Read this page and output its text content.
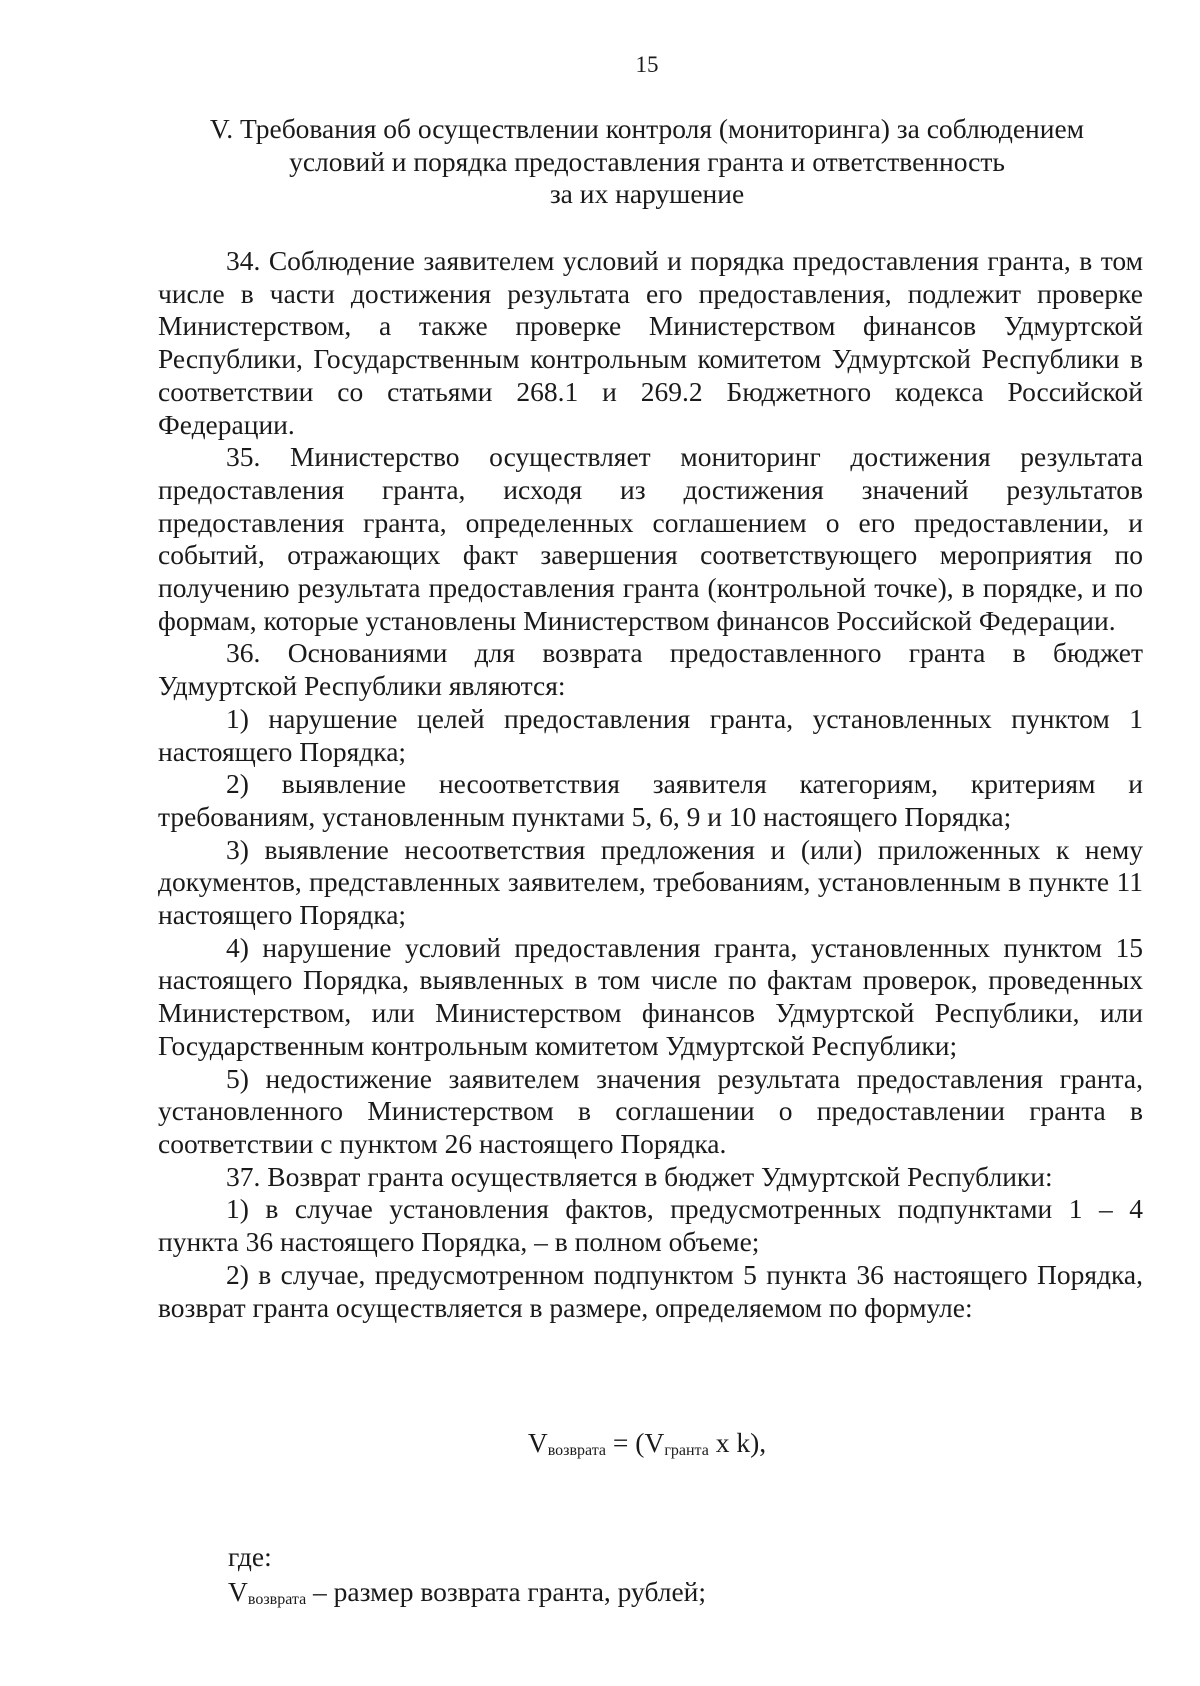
15
V. Требования об осуществлении контроля (мониторинга) за соблюдением
условий и порядка предоставления гранта и ответственность
за их нарушение

34. Соблюдение заявителем условий и порядка предоставления гранта, в том числе в части достижения результата его предоставления, подлежит проверке Министерством, а также проверке Министерством финансов Удмуртской Республики, Государственным контрольным комитетом Удмуртской Республики в соответствии со статьями 268.1 и 269.2 Бюджетного кодекса Российской Федерации.

35. Министерство осуществляет мониторинг достижения результата предоставления гранта, исходя из достижения значений результатов предоставления гранта, определенных соглашением о его предоставлении, и событий, отражающих факт завершения соответствующего мероприятия по получению результата предоставления гранта (контрольной точке), в порядке, и по формам, которые установлены Министерством финансов Российской Федерации.

36. Основаниями для возврата предоставленного гранта в бюджет Удмуртской Республики являются:

1) нарушение целей предоставления гранта, установленных пунктом 1 настоящего Порядка;

2) выявление несоответствия заявителя категориям, критериям и требованиям, установленным пунктами 5, 6, 9 и 10 настоящего Порядка;

3) выявление несоответствия предложения и (или) приложенных к нему документов, представленных заявителем, требованиям, установленным в пункте 11 настоящего Порядка;

4) нарушение условий предоставления гранта, установленных пунктом 15 настоящего Порядка, выявленных в том числе по фактам проверок, проведенных Министерством, или Министерством финансов Удмуртской Республики, или Государственным контрольным комитетом Удмуртской Республики;

5) недостижение заявителем значения результата предоставления гранта, установленного Министерством в соглашении о предоставлении гранта в соответствии с пунктом 26 настоящего Порядка.

37. Возврат гранта осуществляется в бюджет Удмуртской Республики:

1) в случае установления фактов, предусмотренных подпунктами 1 – 4 пункта 36 настоящего Порядка, – в полном объеме;

2) в случае, предусмотренном подпунктом 5 пункта 36 настоящего Порядка, возврат гранта осуществляется в размере, определяемом по формуле:

Vвозврата = (Vгранта x k),
где:
Vвозврата – размер возврата гранта, рублей;
